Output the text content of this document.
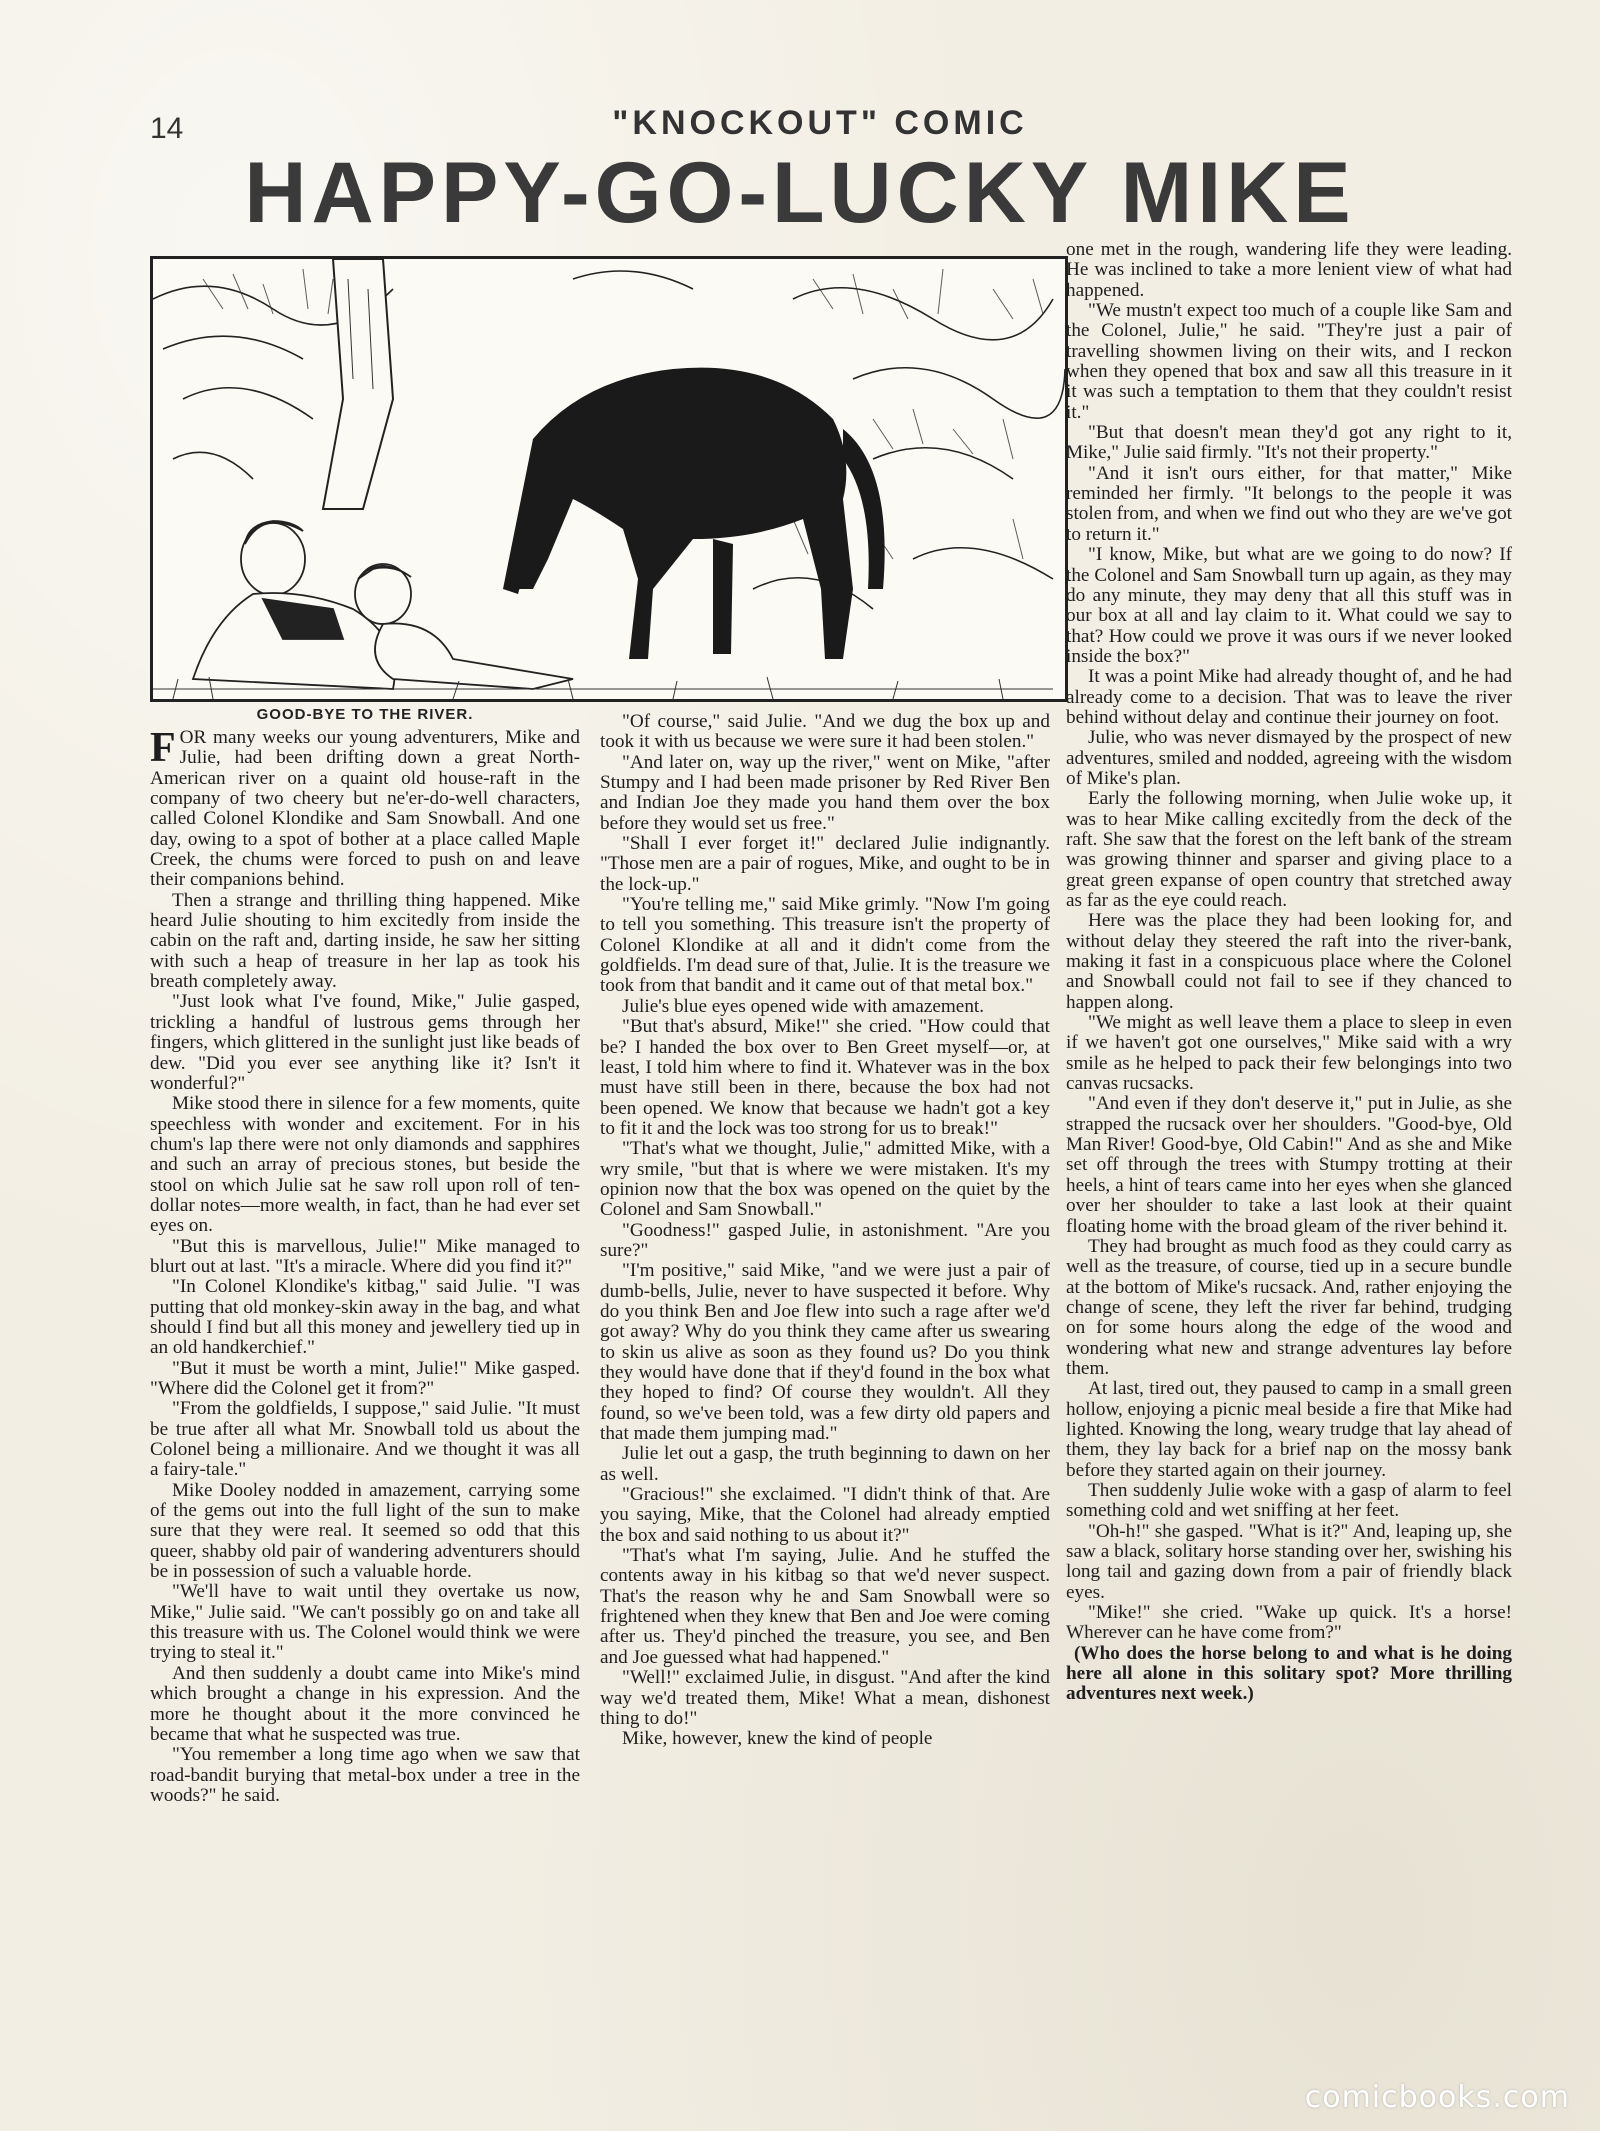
14	"KNOCKOUT" COMIC
HAPPY-GO-LUCKY MIKE
GOOD-BYE TO THE RIVER.

FOR many weeks our young adventurers, Mike and Julie, had been drifting down a great North-American river on a quaint old house-raft in the company of two cheery but ne'er-do-well characters, called Colonel Klondike and Sam Snowball. And one day, owing to a spot of bother at a place called Maple Creek, the chums were forced to push on and leave their companions behind.

Then a strange and thrilling thing happened. Mike heard Julie shouting to him excitedly from inside the cabin on the raft and, darting inside, he saw her sitting with such a heap of treasure in her lap as took his breath completely away.

"Just look what I've found, Mike," Julie gasped, trickling a handful of lustrous gems through her fingers, which glittered in the sunlight just like beads of dew. "Did you ever see anything like it? Isn't it wonderful?"

Mike stood there in silence for a few moments, quite speechless with wonder and excitement. For in his chum's lap there were not only diamonds and sapphires and such an array of precious stones, but beside the stool on which Julie sat he saw roll upon roll of ten-dollar notes—more wealth, in fact, than he had ever set eyes on.

"But this is marvellous, Julie!" Mike managed to blurt out at last. "It's a miracle. Where did you find it?"

"In Colonel Klondike's kitbag," said Julie. "I was putting that old monkey-skin away in the bag, and what should I find but all this money and jewellery tied up in an old handkerchief."

"But it must be worth a mint, Julie!" Mike gasped. "Where did the Colonel get it from?"

"From the goldfields, I suppose," said Julie. "It must be true after all what Mr. Snowball told us about the Colonel being a millionaire. And we thought it was all a fairy-tale."

Mike Dooley nodded in amazement, carrying some of the gems out into the full light of the sun to make sure that they were real. It seemed so odd that this queer, shabby old pair of wandering adventurers should be in possession of such a valuable horde.

"We'll have to wait until they overtake us now, Mike," Julie said. "We can't possibly go on and take all this treasure with us. The Colonel would think we were trying to steal it."

And then suddenly a doubt came into Mike's mind which brought a change in his expression. And the more he thought about it the more convinced he became that what he suspected was true.

"You remember a long time ago when we saw that road-bandit burying that metal-box under a tree in the woods?" he said.

"Of course," said Julie. "And we dug the box up and took it with us because we were sure it had been stolen."

"And later on, way up the river," went on Mike, "after Stumpy and I had been made prisoner by Red River Ben and Indian Joe they made you hand them over the box before they would set us free."

"Shall I ever forget it!" declared Julie indignantly. "Those men are a pair of rogues, Mike, and ought to be in the lock-up."

"You're telling me," said Mike grimly. "Now I'm going to tell you something. This treasure isn't the property of Colonel Klondike at all and it didn't come from the goldfields. I'm dead sure of that, Julie. It is the treasure we took from that bandit and it came out of that metal box."

Julie's blue eyes opened wide with amazement.

"But that's absurd, Mike!" she cried. "How could that be? I handed the box over to Ben Greet myself—or, at least, I told him where to find it. Whatever was in the box must have still been in there, because the box had not been opened. We know that because we hadn't got a key to fit it and the lock was too strong for us to break!"

"That's what we thought, Julie," admitted Mike, with a wry smile, "but that is where we were mistaken. It's my opinion now that the box was opened on the quiet by the Colonel and Sam Snowball."

"Goodness!" gasped Julie, in astonishment. "Are you sure?"

"I'm positive," said Mike, "and we were just a pair of dumb-bells, Julie, never to have suspected it before. Why do you think Ben and Joe flew into such a rage after we'd got away? Why do you think they came after us swearing to skin us alive as soon as they found us? Do you think they would have done that if they'd found in the box what they hoped to find? Of course they wouldn't. All they found, so we've been told, was a few dirty old papers and that made them jumping mad."

Julie let out a gasp, the truth beginning to dawn on her as well.

"Gracious!" she exclaimed. "I didn't think of that. Are you saying, Mike, that the Colonel had already emptied the box and said nothing to us about it?"

"That's what I'm saying, Julie. And he stuffed the contents away in his kitbag so that we'd never suspect. That's the reason why he and Sam Snowball were so frightened when they knew that Ben and Joe were coming after us. They'd pinched the treasure, you see, and Ben and Joe guessed what had happened."

"Well!" exclaimed Julie, in disgust. "And after the kind way we'd treated them, Mike! What a mean, dishonest thing to do!"

Mike, however, knew the kind of people

one met in the rough, wandering life they were leading. He was inclined to take a more lenient view of what had happened.

"We mustn't expect too much of a couple like Sam and the Colonel, Julie," he said. "They're just a pair of travelling showmen living on their wits, and I reckon when they opened that box and saw all this treasure in it it was such a temptation to them that they couldn't resist it."

"But that doesn't mean they'd got any right to it, Mike," Julie said firmly. "It's not their property."

"And it isn't ours either, for that matter," Mike reminded her firmly. "It belongs to the people it was stolen from, and when we find out who they are we've got to return it."

"I know, Mike, but what are we going to do now? If the Colonel and Sam Snowball turn up again, as they may do any minute, they may deny that all this stuff was in our box at all and lay claim to it. What could we say to that? How could we prove it was ours if we never looked inside the box?"

It was a point Mike had already thought of, and he had already come to a decision. That was to leave the river behind without delay and continue their journey on foot.

Julie, who was never dismayed by the prospect of new adventures, smiled and nodded, agreeing with the wisdom of Mike's plan.

Early the following morning, when Julie woke up, it was to hear Mike calling excitedly from the deck of the raft. She saw that the forest on the left bank of the stream was growing thinner and sparser and giving place to a great green expanse of open country that stretched away as far as the eye could reach.

Here was the place they had been looking for, and without delay they steered the raft into the river-bank, making it fast in a conspicuous place where the Colonel and Snowball could not fail to see if they chanced to happen along.

"We might as well leave them a place to sleep in even if we haven't got one ourselves," Mike said with a wry smile as he helped to pack their few belongings into two canvas rucsacks.

"And even if they don't deserve it," put in Julie, as she strapped the rucsack over her shoulders. "Good-bye, Old Man River! Good-bye, Old Cabin!" And as she and Mike set off through the trees with Stumpy trotting at their heels, a hint of tears came into her eyes when she glanced over her shoulder to take a last look at their quaint floating home with the broad gleam of the river behind it.

They had brought as much food as they could carry as well as the treasure, of course, tied up in a secure bundle at the bottom of Mike's rucsack. And, rather enjoying the change of scene, they left the river far behind, trudging on for some hours along the edge of the wood and wondering what new and strange adventures lay before them.

At last, tired out, they paused to camp in a small green hollow, enjoying a picnic meal beside a fire that Mike had lighted. Knowing the long, weary trudge that lay ahead of them, they lay back for a brief nap on the mossy bank before they started again on their journey.

Then suddenly Julie woke with a gasp of alarm to feel something cold and wet sniffing at her feet.

"Oh-h!" she gasped. "What is it?" And, leaping up, she saw a black, solitary horse standing over her, swishing his long tail and gazing down from a pair of friendly black eyes.

"Mike!" she cried. "Wake up quick. It's a horse! Wherever can he have come from?"

(Who does the horse belong to and what is he doing here all alone in this solitary spot? More thrilling adventures next week.)

comicbooks.com
